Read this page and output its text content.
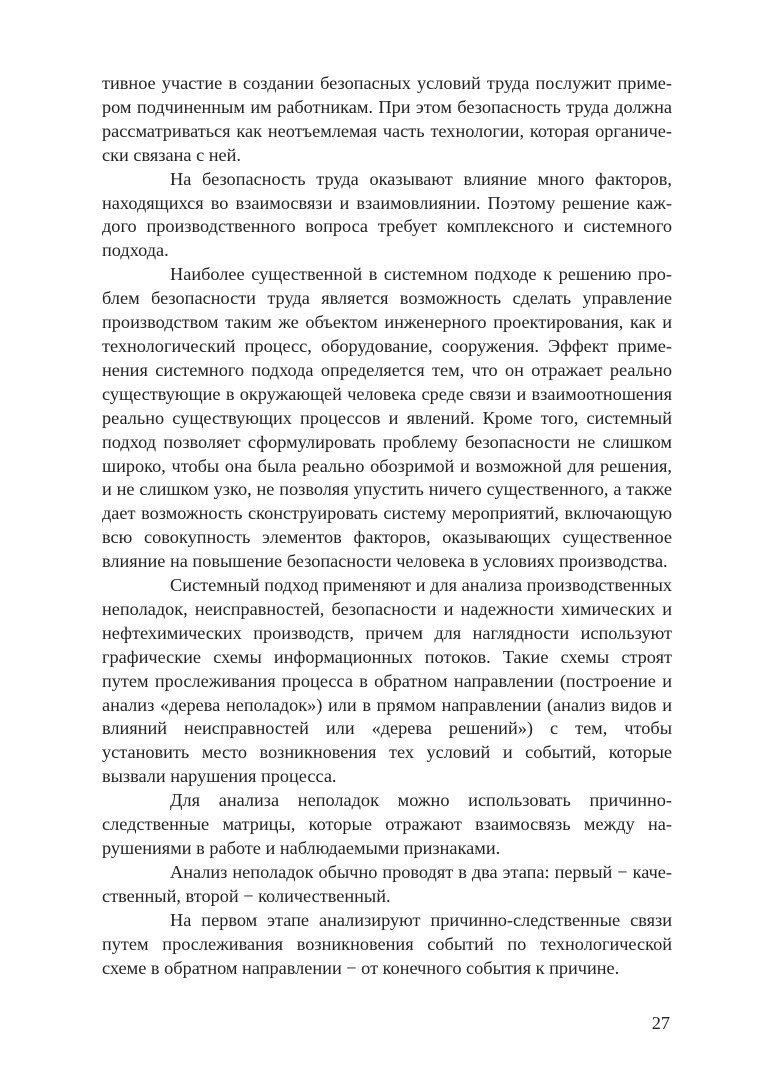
тивное участие в создании безопасных условий труда послужит примером подчиненным им работникам. При этом безопасность труда должна рассматриваться как неотъемлемая часть технологии, которая органически связана с ней.

На безопасность труда оказывают влияние много факторов, находящихся во взаимосвязи и взаимовлиянии. Поэтому решение каждого производственного вопроса требует комплексного и системного подхода.

Наиболее существенной в системном подходе к решению проблем безопасности труда является возможность сделать управление производством таким же объектом инженерного проектирования, как и технологический процесс, оборудование, сооружения. Эффект применения системного подхода определяется тем, что он отражает реально существующие в окружающей человека среде связи и взаимоотношения реально существующих процессов и явлений. Кроме того, системный подход позволяет сформулировать проблему безопасности не слишком широко, чтобы она была реально обозримой и возможной для решения, и не слишком узко, не позволяя упустить ничего существенного, а также дает возможность сконструировать систему мероприятий, включающую всю совокупность элементов факторов, оказывающих существенное влияние на повышение безопасности человека в условиях производства.

Системный подход применяют и для анализа производственных неполадок, неисправностей, безопасности и надежности химических и нефтехимических производств, причем для наглядности используют графические схемы информационных потоков. Такие схемы строят путем прослеживания процесса в обратном направлении (построение и анализ «дерева неполадок») или в прямом направлении (анализ видов и влияний неисправностей или «дерева решений») с тем, чтобы установить место возникновения тех условий и событий, которые вызвали нарушения процесса.

Для анализа неполадок можно использовать причинно-следственные матрицы, которые отражают взаимосвязь между нарушениями в работе и наблюдаемыми признаками.

Анализ неполадок обычно проводят в два этапа: первый − качественный, второй − количественный.

На первом этапе анализируют причинно-следственные связи путем прослеживания возникновения событий по технологической схеме в обратном направлении − от конечного события к причине.

27
